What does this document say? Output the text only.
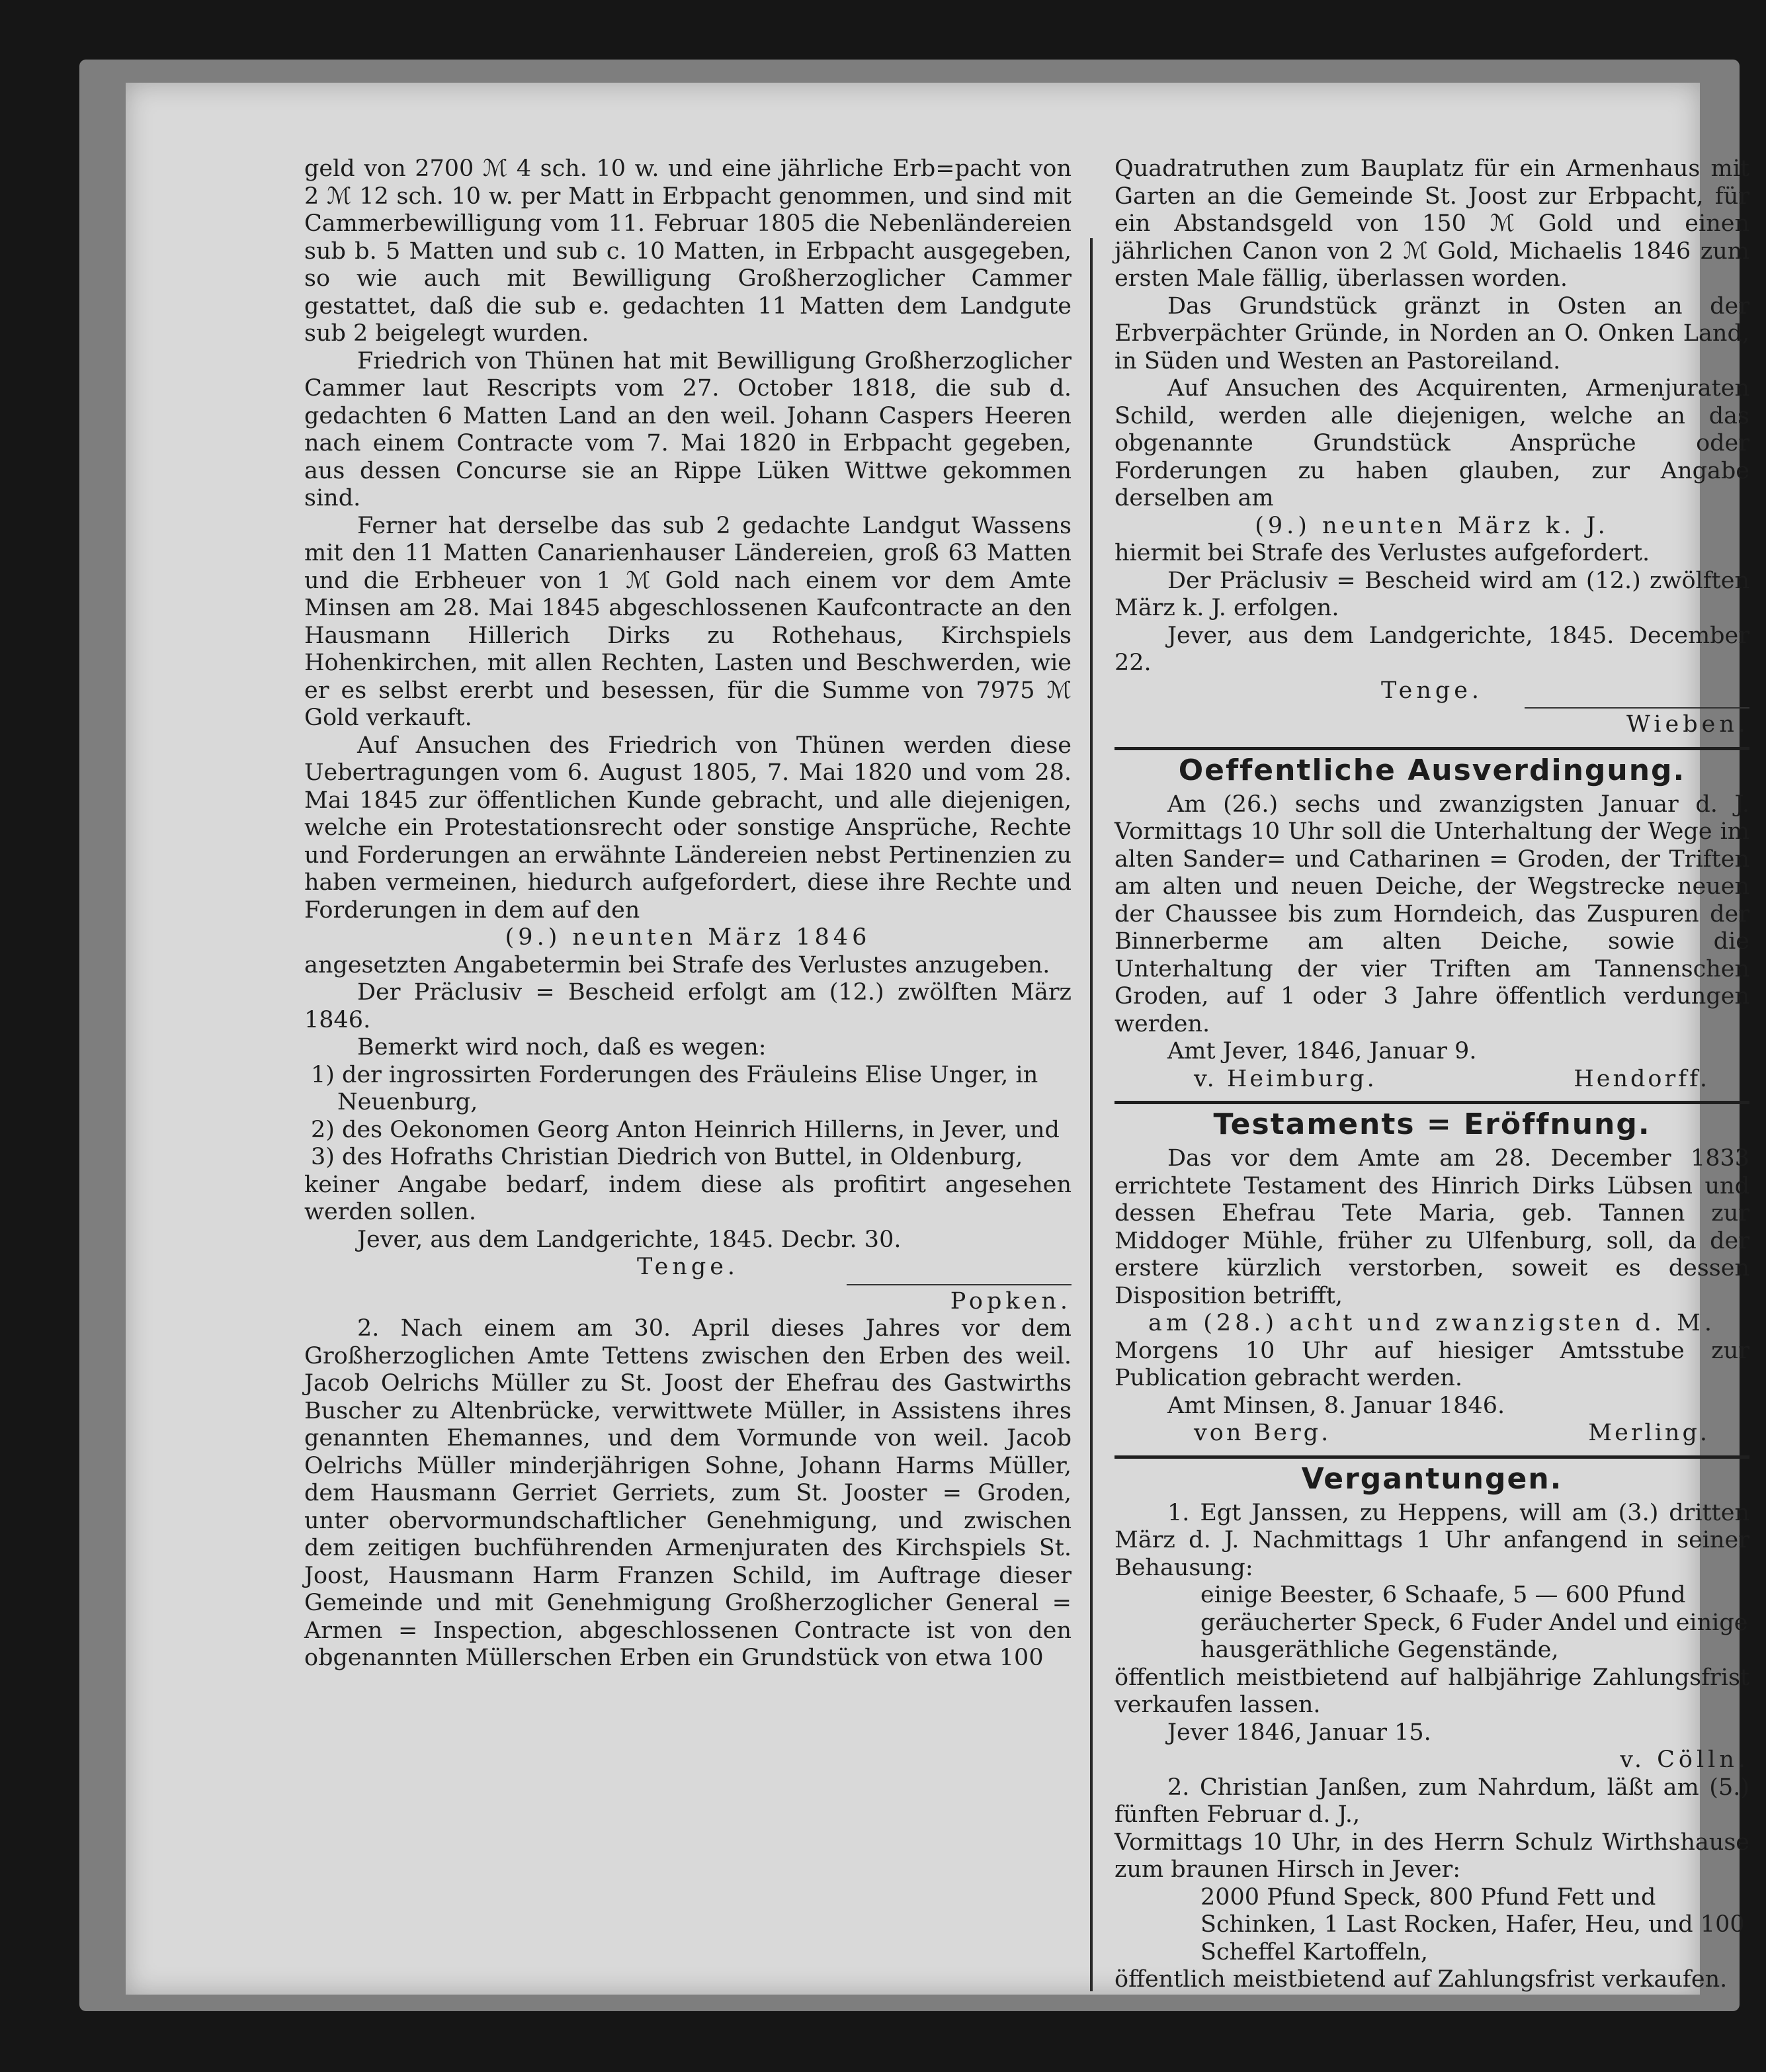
geld von 2700 ℳ 4 sch. 10 w. und eine jährliche Erb=pacht von 2 ℳ 12 sch. 10 w. per Matt in Erbpacht genommen, und sind mit Cammerbewilligung vom 11. Februar 1805 die Nebenländereien sub b. 5 Matten und sub c. 10 Matten, in Erbpacht ausgegeben, so wie auch mit Bewilligung Großherzoglicher Cammer gestattet, daß die sub e. gedachten 11 Matten dem Landgute sub 2 beigelegt wurden.

Friedrich von Thünen hat mit Bewilligung Großherzoglicher Cammer laut Rescripts vom 27. October 1818, die sub d. gedachten 6 Matten Land an den weil. Johann Caspers Heeren nach einem Contracte vom 7. Mai 1820 in Erbpacht gegeben, aus dessen Concurse sie an Rippe Lüken Wittwe gekommen sind.

Ferner hat derselbe das sub 2 gedachte Landgut Wassens mit den 11 Matten Canarienhauser Ländereien, groß 63 Matten und die Erbheuer von 1 ℳ Gold nach einem vor dem Amte Minsen am 28. Mai 1845 abgeschlossenen Kaufcontracte an den Hausmann Hillerich Dirks zu Rothehaus, Kirchspiels Hohenkirchen, mit allen Rechten, Lasten und Beschwerden, wie er es selbst ererbt und besessen, für die Summe von 7975 ℳ Gold verkauft.

Auf Ansuchen des Friedrich von Thünen werden diese Uebertragungen vom 6. August 1805, 7. Mai 1820 und vom 28. Mai 1845 zur öffentlichen Kunde gebracht, und alle diejenigen, welche ein Protestationsrecht oder sonstige Ansprüche, Rechte und Forderungen an erwähnte Ländereien nebst Pertinenzien zu haben vermeinen, hiedurch aufgefordert, diese ihre Rechte und Forderungen in dem auf den

(9.) neunten März 1846

angesetzten Angabetermin bei Strafe des Verlustes anzugeben.

Der Präclusiv = Bescheid erfolgt am (12.) zwölften März 1846.

Bemerkt wird noch, daß es wegen:

1) der ingrossirten Forderungen des Fräuleins Elise Unger, in Neuenburg,

2) des Oekonomen Georg Anton Heinrich Hillerns, in Jever, und

3) des Hofraths Christian Diedrich von Buttel, in Oldenburg,

keiner Angabe bedarf, indem diese als profitirt angesehen werden sollen.

Jever, aus dem Landgerichte, 1845. Decbr. 30.

Tenge.

Popken.

2. Nach einem am 30. April dieses Jahres vor dem Großherzoglichen Amte Tettens zwischen den Erben des weil. Jacob Oelrichs Müller zu St. Joost der Ehefrau des Gastwirths Buscher zu Altenbrücke, verwittwete Müller, in Assistens ihres genannten Ehemannes, und dem Vormunde von weil. Jacob Oelrichs Müller minderjährigen Sohne, Johann Harms Müller, dem Hausmann Gerriet Gerriets, zum St. Jooster = Groden, unter obervormundschaftlicher Genehmigung, und zwischen dem zeitigen buchführenden Armenjuraten des Kirchspiels St. Joost, Hausmann Harm Franzen Schild, im Auftrage dieser Gemeinde und mit Genehmigung Großherzoglicher General = Armen = Inspection, abgeschlossenen Contracte ist von den obgenannten Müllerschen Erben ein Grundstück von etwa 100

Quadratruthen zum Bauplatz für ein Armenhaus mit Garten an die Gemeinde St. Joost zur Erbpacht, für ein Abstandsgeld von 150 ℳ Gold und einen jährlichen Canon von 2 ℳ Gold, Michaelis 1846 zum ersten Male fällig, überlassen worden.

Das Grundstück gränzt in Osten an der Erbverpächter Gründe, in Norden an O. Onken Land, in Süden und Westen an Pastoreiland.

Auf Ansuchen des Acquirenten, Armenjuraten Schild, werden alle diejenigen, welche an das obgenannte Grundstück Ansprüche oder Forderungen zu haben glauben, zur Angabe derselben am

(9.) neunten März k. J.

hiermit bei Strafe des Verlustes aufgefordert.

Der Präclusiv = Bescheid wird am (12.) zwölften März k. J. erfolgen.

Jever, aus dem Landgerichte, 1845. December 22.

Tenge.

Wieben.

Oeffentliche Ausverdingung.

Am (26.) sechs und zwanzigsten Januar d. J. Vormittags 10 Uhr soll die Unterhaltung der Wege im alten Sander= und Catharinen = Groden, der Triften am alten und neuen Deiche, der Wegstrecke neuen der Chaussee bis zum Horndeich, das Zuspuren der Binnerberme am alten Deiche, sowie die Unterhaltung der vier Triften am Tannenschen Groden, auf 1 oder 3 Jahre öffentlich verdungen werden.

Amt Jever, 1846, Januar 9.

v. Heimburg.	Hendorff.
Testaments = Eröffnung.

Das vor dem Amte am 28. December 1833 errichtete Testament des Hinrich Dirks Lübsen und dessen Ehefrau Tete Maria, geb. Tannen zur Middoger Mühle, früher zu Ulfenburg, soll, da der erstere kürzlich verstorben, soweit es dessen Disposition betrifft,

am (28.) acht und zwanzigsten d. M.

Morgens 10 Uhr auf hiesiger Amtsstube zur Publication gebracht werden.

Amt Minsen, 8. Januar 1846.

von Berg.	Merling.
Vergantungen.

1. Egt Janssen, zu Heppens, will am (3.) dritten März d. J. Nachmittags 1 Uhr anfangend in seiner Behausung:

einige Beester, 6 Schaafe, 5 — 600 Pfund geräucherter Speck, 6 Fuder Andel und einige hausgeräthliche Gegenstände,

öffentlich meistbietend auf halbjährige Zahlungsfrist verkaufen lassen.

Jever 1846, Januar 15.

v. Cölln.

2. Christian Janßen, zum Nahrdum, läßt am (5.) fünften Februar d. J.,

Vormittags 10 Uhr, in des Herrn Schulz Wirthshause zum braunen Hirsch in Jever:

2000 Pfund Speck, 800 Pfund Fett und Schinken, 1 Last Rocken, Hafer, Heu, und 100 Scheffel Kartoffeln,

öffentlich meistbietend auf Zahlungsfrist verkaufen.
